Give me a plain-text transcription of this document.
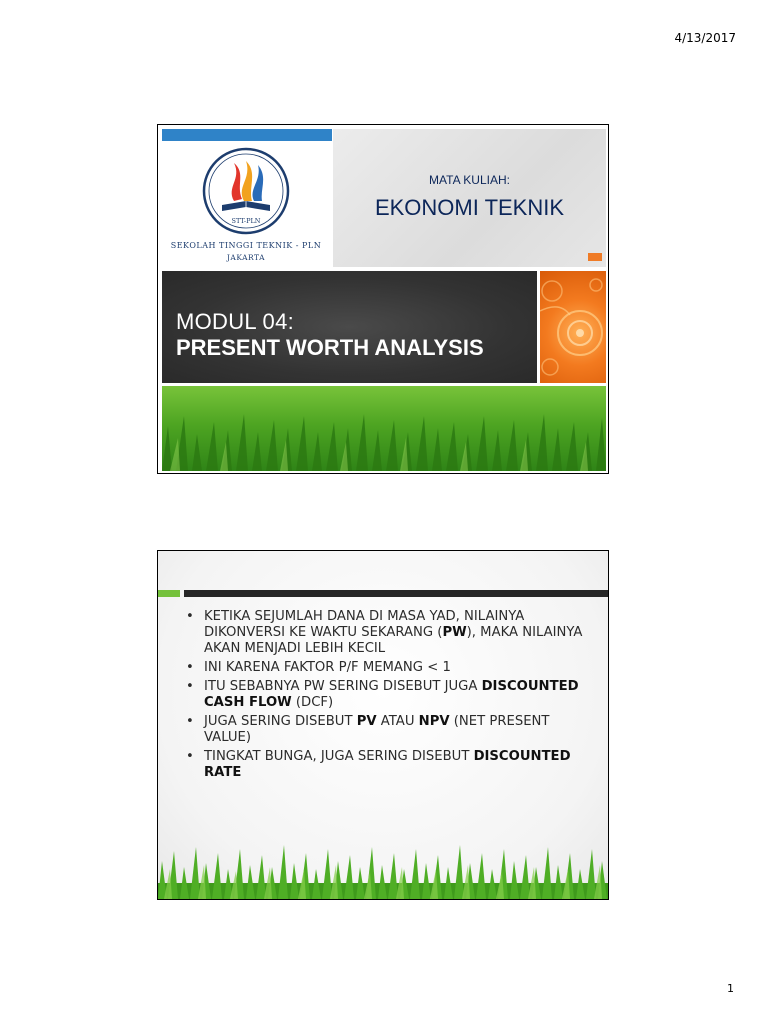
4/13/2017
STT-PLN
SEKOLAH TINGGI TEKNIK - PLN
JAKARTA
MATA KULIAH:
EKONOMI TEKNIK
MODUL 04:
PRESENT WORTH ANALYSIS
• KETIKA SEJUMLAH DANA DI MASA YAD, NILAINYA DIKONVERSI KE WAKTU SEKARANG (PW), MAKA NILAINYA AKAN MENJADI LEBIH KECIL
• INI KARENA FAKTOR P/F MEMANG < 1
• ITU SEBABNYA PW SERING DISEBUT JUGA DISCOUNTED CASH FLOW (DCF)
• JUGA SERING DISEBUT PV ATAU NPV (NET PRESENT VALUE)
• TINGKAT BUNGA, JUGA SERING DISEBUT DISCOUNTED RATE
1
